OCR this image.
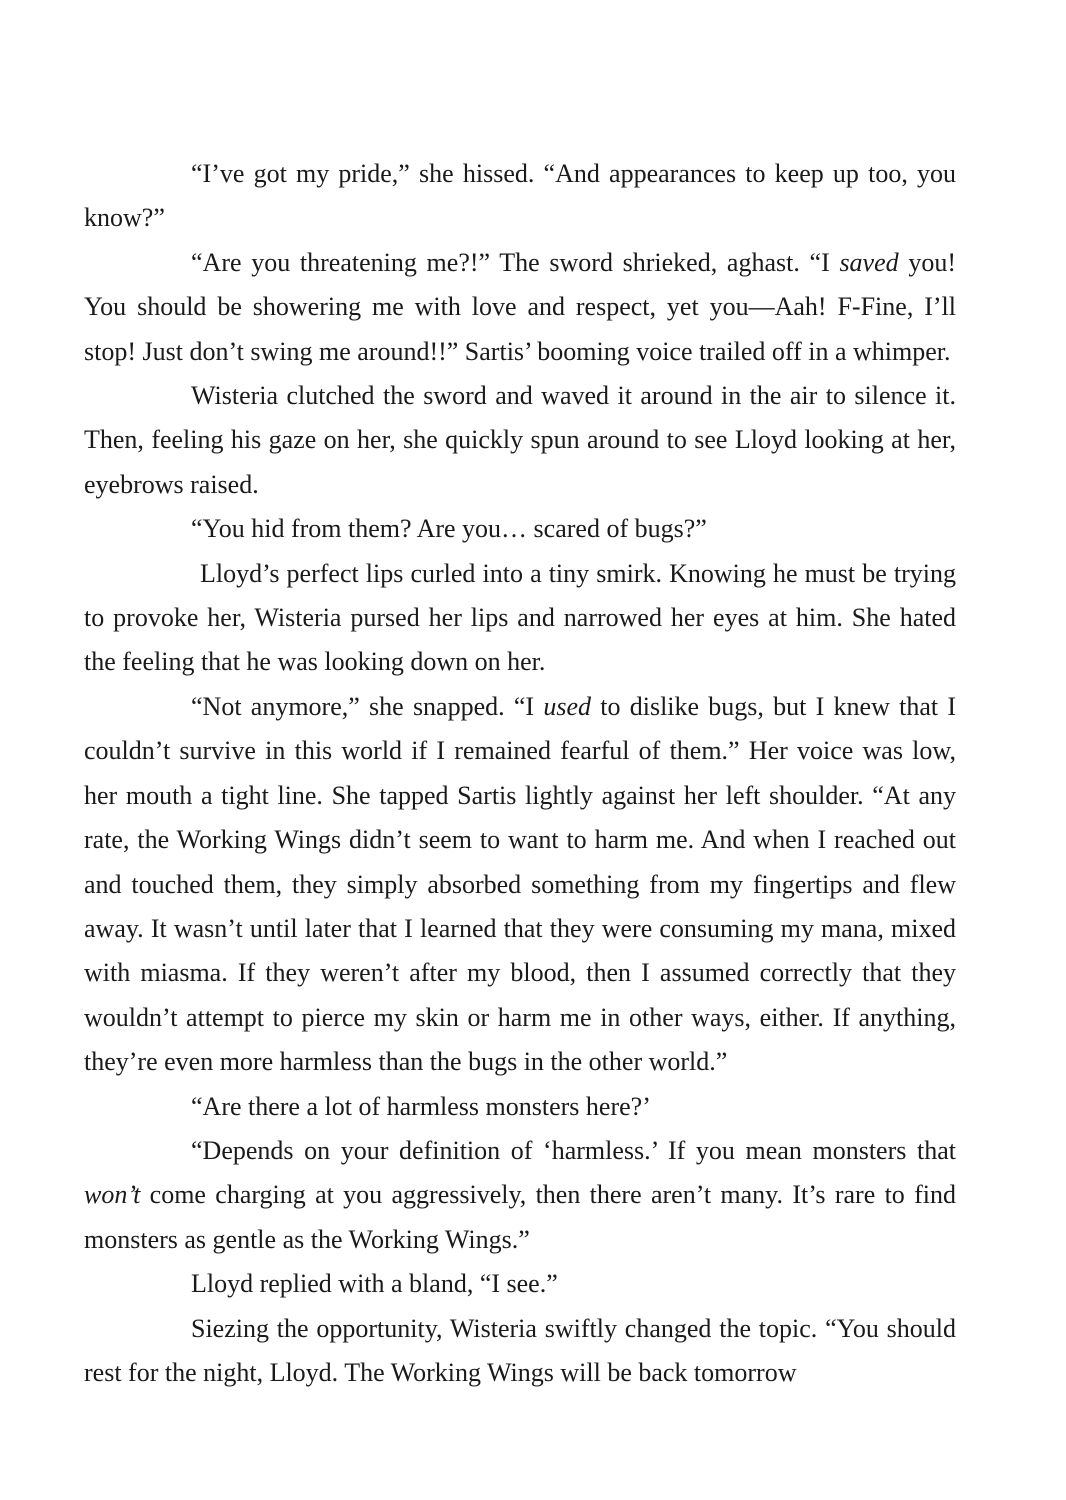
“I’ve got my pride,” she hissed. “And appearances to keep up too, you know?”

“Are you threatening me?!” The sword shrieked, aghast. “I saved you! You should be showering me with love and respect, yet you—Aah! F-Fine, I’ll stop! Just don’t swing me around!!” Sartis’ booming voice trailed off in a whimper.

Wisteria clutched the sword and waved it around in the air to silence it. Then, feeling his gaze on her, she quickly spun around to see Lloyd looking at her, eyebrows raised.

“You hid from them? Are you… scared of bugs?”

Lloyd’s perfect lips curled into a tiny smirk. Knowing he must be trying to provoke her, Wisteria pursed her lips and narrowed her eyes at him. She hated the feeling that he was looking down on her.

“Not anymore,” she snapped. “I used to dislike bugs, but I knew that I couldn’t survive in this world if I remained fearful of them.” Her voice was low, her mouth a tight line. She tapped Sartis lightly against her left shoulder. “At any rate, the Working Wings didn’t seem to want to harm me. And when I reached out and touched them, they simply absorbed something from my fingertips and flew away. It wasn’t until later that I learned that they were consuming my mana, mixed with miasma. If they weren’t after my blood, then I assumed correctly that they wouldn’t attempt to pierce my skin or harm me in other ways, either. If anything, they’re even more harmless than the bugs in the other world.”

“Are there a lot of harmless monsters here?’

“Depends on your definition of ‘harmless.’ If you mean monsters that won’t come charging at you aggressively, then there aren’t many. It’s rare to find monsters as gentle as the Working Wings.”

Lloyd replied with a bland, “I see.”

Siezing the opportunity, Wisteria swiftly changed the topic. “You should rest for the night, Lloyd. The Working Wings will be back tomorrow
